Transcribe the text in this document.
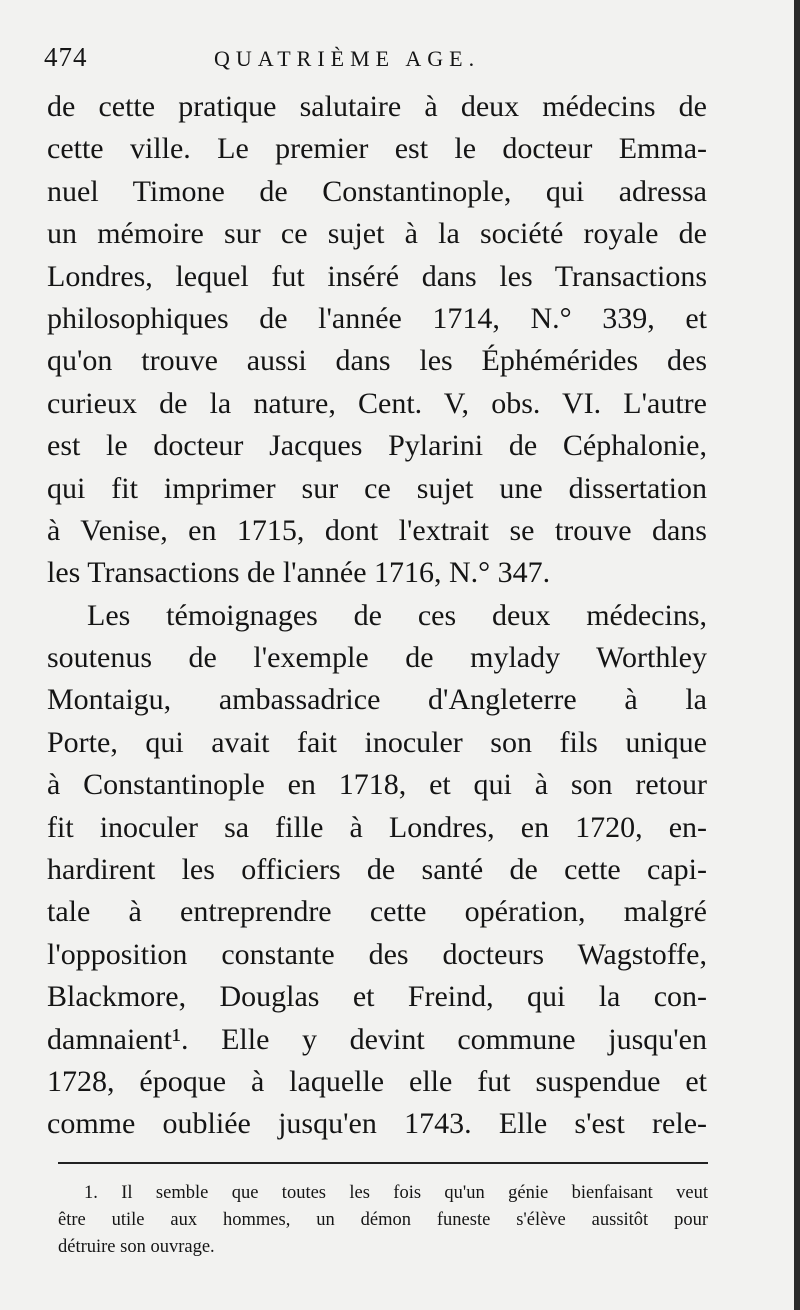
474	QUATRIÈME AGE.
de cette pratique salutaire à deux médecins de
cette ville. Le premier est le docteur Emma-
nuel Timone de Constantinople, qui adressa
un mémoire sur ce sujet à la société royale de
Londres, lequel fut inséré dans les Transactions
philosophiques de l'année 1714, N.° 339, et
qu'on trouve aussi dans les Éphémérides des
curieux de la nature, Cent. V, obs. VI. L'autre
est le docteur Jacques Pylarini de Céphalonie,
qui fit imprimer sur ce sujet une dissertation
à Venise, en 1715, dont l'extrait se trouve dans
les Transactions de l'année 1716, N.° 347.
Les témoignages de ces deux médecins,
soutenus de l'exemple de mylady Worthley
Montaigu, ambassadrice d'Angleterre à la
Porte, qui avait fait inoculer son fils unique
à Constantinople en 1718, et qui à son retour
fit inoculer sa fille à Londres, en 1720, en-
hardirent les officiers de santé de cette capi-
tale à entreprendre cette opération, malgré
l'opposition constante des docteurs Wagstoffe,
Blackmore, Douglas et Freind, qui la con-
damnaient¹. Elle y devint commune jusqu'en
1728, époque à laquelle elle fut suspendue et
comme oubliée jusqu'en 1743. Elle s'est rele-
1. Il semble que toutes les fois qu'un génie bienfaisant veut
être utile aux hommes, un démon funeste s'élève aussitôt pour
détruire son ouvrage.
